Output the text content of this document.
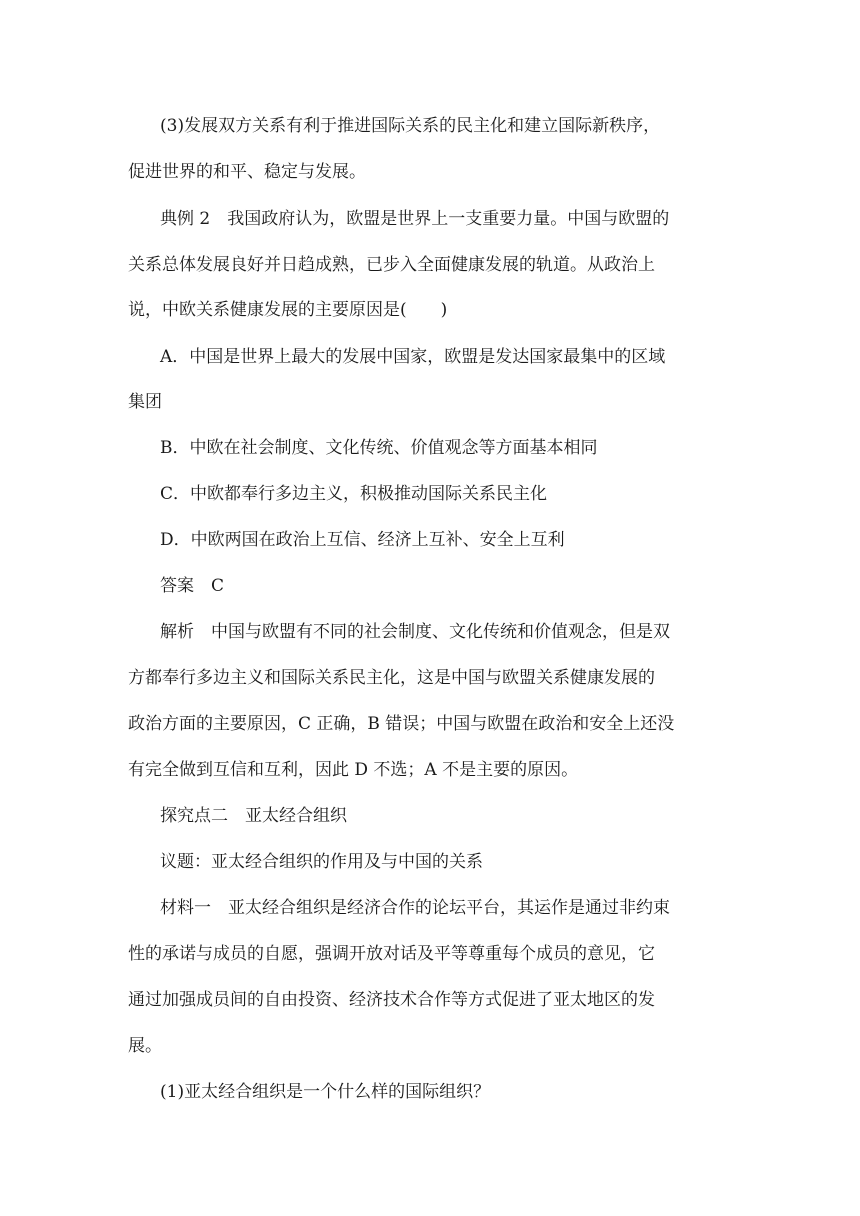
(3)发展双方关系有利于推进国际关系的民主化和建立国际新秩序，
促进世界的和平、稳定与发展。
典例 2　我国政府认为，欧盟是世界上一支重要力量。中国与欧盟的
关系总体发展良好并日趋成熟，已步入全面健康发展的轨道。从政治上
说，中欧关系健康发展的主要原因是(　　)
A．中国是世界上最大的发展中国家，欧盟是发达国家最集中的区域
集团
B．中欧在社会制度、文化传统、价值观念等方面基本相同
C．中欧都奉行多边主义，积极推动国际关系民主化
D．中欧两国在政治上互信、经济上互补、安全上互利
答案　C
解析　中国与欧盟有不同的社会制度、文化传统和价值观念，但是双
方都奉行多边主义和国际关系民主化，这是中国与欧盟关系健康发展的
政治方面的主要原因，C 正确，B 错误；中国与欧盟在政治和安全上还没
有完全做到互信和互利，因此 D 不选；A 不是主要的原因。
探究点二　亚太经合组织
议题：亚太经合组织的作用及与中国的关系
材料一　亚太经合组织是经济合作的论坛平台，其运作是通过非约束
性的承诺与成员的自愿，强调开放对话及平等尊重每个成员的意见，它
通过加强成员间的自由投资、经济技术合作等方式促进了亚太地区的发
展。
(1)亚太经合组织是一个什么样的国际组织？
